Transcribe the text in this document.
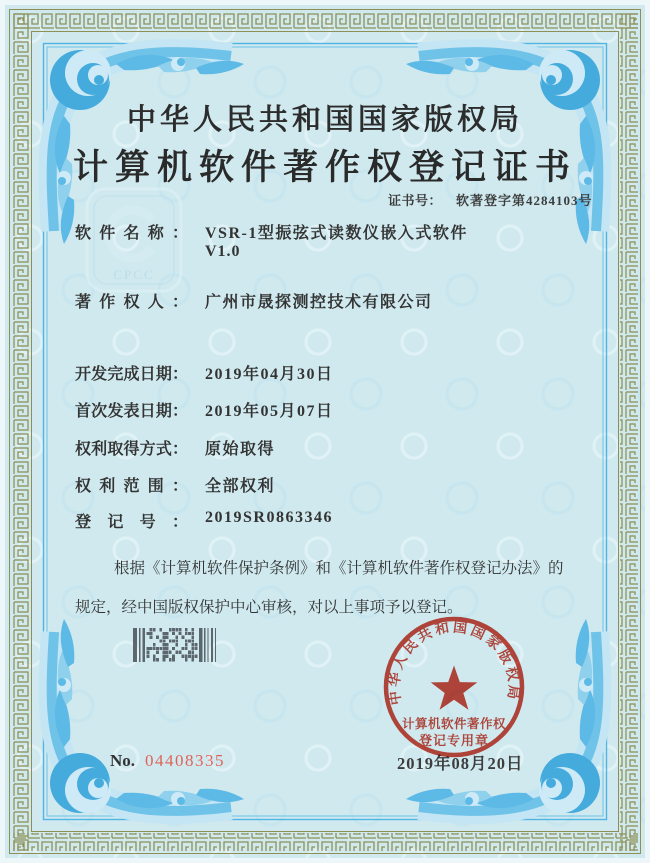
CPCC
中华人民共和国国家版权局
计算机软件著作权登记证书
证书号： 软著登字第4284103号
软件名称： VSR-1型振弦式读数仪嵌入式软件
V1.0
著作权人： 广州市晟探测控技术有限公司
开发完成日期： 2019年04月30日
首次发表日期： 2019年05月07日
权利取得方式： 原始取得
权利范围： 全部权利
登记号： 2019SR0863346
根据《计算机软件保护条例》和《计算机软件著作权登记办法》的
规定，经中国版权保护中心审核，对以上事项予以登记。
No. 04408335	2019年08月20日
中华人民共和国国家版权局
计算机软件著作权
登记专用章
